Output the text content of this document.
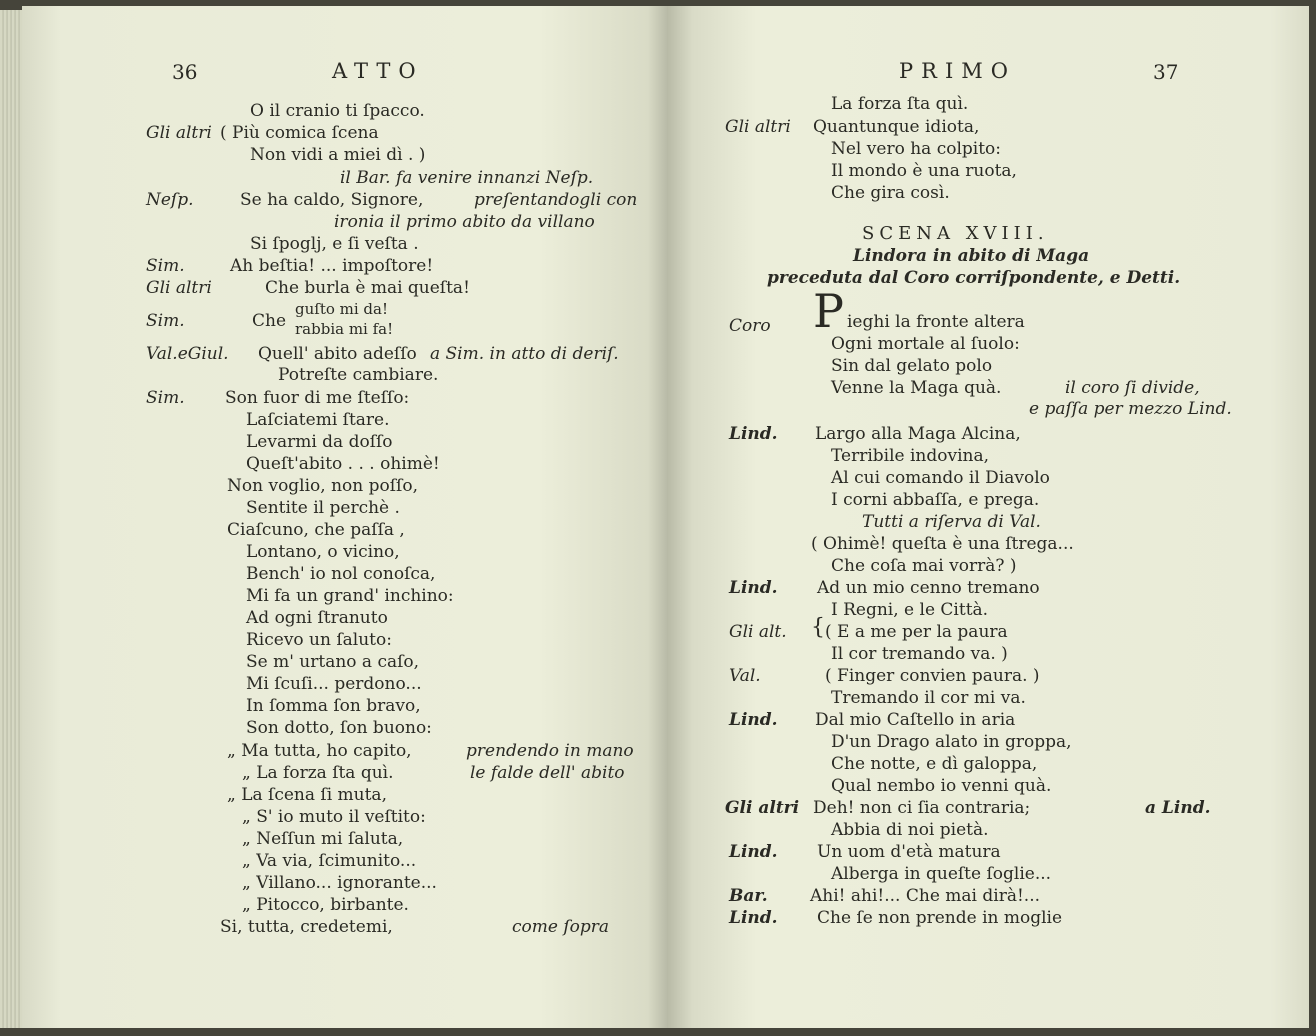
36	ATTO
O il cranio ti ſpacco.
Gli altri ( Più comica ſcena
Non vidi a miei dì . )
il Bar. fa venire innanzi Neſp.
Neſp.	Se ha caldo, Signore,	preſentandogli con
ironia il primo abito da villano
Si ſpoglj, e ſi veſta .
Sim.	Ah beſtia! ... impoſtore!
Gli altri	Che burla è mai queſta!
Sim.	Che
guſto mi da!
rabbia mi fa!
Val.eGiul. Quell' abito adeſſo a Sim. in atto di deriſ.
Potreſte cambiare.
Sim. Son fuor di me ſteſſo:
Laſciatemi ſtare.
Levarmi da doſſo
Queſt'abito . . . ohimè!
Non voglio, non poſſo,
Sentite il perchè .
Ciaſcuno, che paſſa ,
Lontano, o vicino,
Bench' io nol conoſca,
Mi fa un grand' inchino:
Ad ogni ſtranuto
Ricevo un ſaluto:
Se m' urtano a caſo,
Mi ſcuſi... perdono...
In ſomma ſon bravo,
Son dotto, ſon buono:
„ Ma tutta, ho capito,	prendendo in mano
„ La forza ſta quì.	le falde dell' abito
„ La ſcena ſi muta,
„ S' io muto il veſtito:
„ Neſſun mi ſaluta,
„ Va via, ſcimunito...
„ Villano... ignorante...
„ Pitocco, birbante.
Si, tutta, credetemi,	come ſopra
PRIMO	37
La forza ſta quì.
Gli altri Quantunque idiota,
Nel vero ha colpito:
Il mondo è una ruota,
Che gira così.
SCENA XVIII.
Lindora in abito di Maga
preceduta dal Coro corriſpondente, e Detti.
Coro P ieghi la fronte altera
Ogni mortale al ſuolo:
Sin dal gelato polo
Venne la Maga quà.	il coro ſi divide,
e paſſa per mezzo Lind.
Lind. Largo alla Maga Alcina,
Terribile indovina,
Al cui comando il Diavolo
I corni abbaſſa, e prega.
Tutti a riſerva di Val.
( Ohimè! queſta è una ſtrega...
Che coſa mai vorrà? )
Lind. Ad un mio cenno tremano
I Regni, e le Città.
Gli alt. { ( E a me per la paura
Il cor tremando va. )
Val.	( Finger convien paura. )
Tremando il cor mi va.
Lind. Dal mio Caſtello in aria
D'un Drago alato in groppa,
Che notte, e dì galoppa,
Qual nembo io venni quà.
Gli altri Deh! non ci ſia contraria;	a Lind.
Abbia di noi pietà.
Lind. Un uom d'età matura
Alberga in queſte ſoglie...
Bar. Ahi! ahi!... Che mai dirà!...
Lind. Che ſe non prende in moglie
